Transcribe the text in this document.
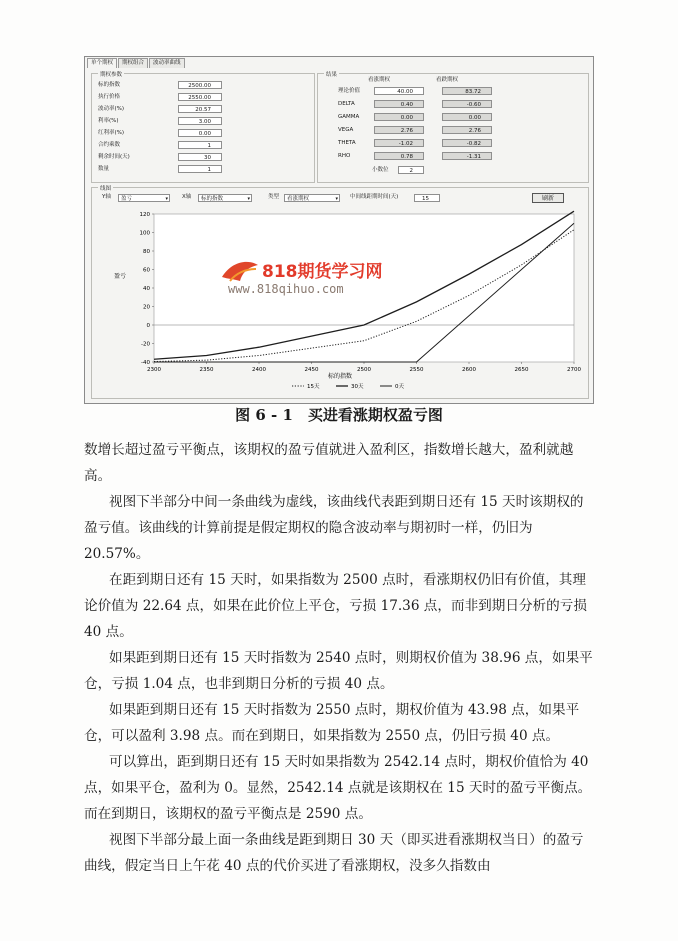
单个期权	期权组合	波动率曲线
期权参数
标的指数	2500.00
执行价格	2550.00
波动率(%)	20.57
利率(%)	3.00
红利率(%)	0.00
合约乘数	1
剩余时间(天)	30
数量	1
结果
看涨期权	看跌期权
理论价值	40.00	83.72
DELTA	0.40	-0.60
GAMMA	0.00	0.00
VEGA	2.76	2.76
THETA	-1.02	-0.82
RHO	0.78	-1.31
小数位	2
线图
Y轴	盈亏	▾	X轴	标的指数	▾	类型	看涨期权	▾ 中间线距期时间(天)	15	刷新
-40
-20
0
20
40
60
80
100
120
2300	2350	2400	2450	2500	2550	2600	2650	2700
15天	30天	0天
盈亏
标的指数
818期货学习网
www.818qihuo.com
图 6 - 1　买进看涨期权盈亏图

数增长超过盈亏平衡点，该期权的盈亏值就进入盈利区，指数增长越大，盈利就越高。

视图下半部分中间一条曲线为虚线，该曲线代表距到期日还有 15 天时该期权的盈亏值。该曲线的计算前提是假定期权的隐含波动率与期初时一样，仍旧为 20.57%。

在距到期日还有 15 天时，如果指数为 2500 点时，看涨期权仍旧有价值，其理论价值为 22.64 点，如果在此价位上平仓，亏损 17.36 点，而非到期日分析的亏损 40 点。

如果距到期日还有 15 天时指数为 2540 点时，则期权价值为 38.96 点，如果平仓，亏损 1.04 点，也非到期日分析的亏损 40 点。

如果距到期日还有 15 天时指数为 2550 点时，期权价值为 43.98 点，如果平仓，可以盈利 3.98 点。而在到期日，如果指数为 2550 点，仍旧亏损 40 点。

可以算出，距到期日还有 15 天时如果指数为 2542.14 点时，期权价值恰为 40 点，如果平仓，盈利为 0。显然，2542.14 点就是该期权在 15 天时的盈亏平衡点。而在到期日，该期权的盈亏平衡点是 2590 点。

视图下半部分最上面一条曲线是距到期日 30 天（即买进看涨期权当日）的盈亏曲线，假定当日上午花 40 点的代价买进了看涨期权，没多久指数由
